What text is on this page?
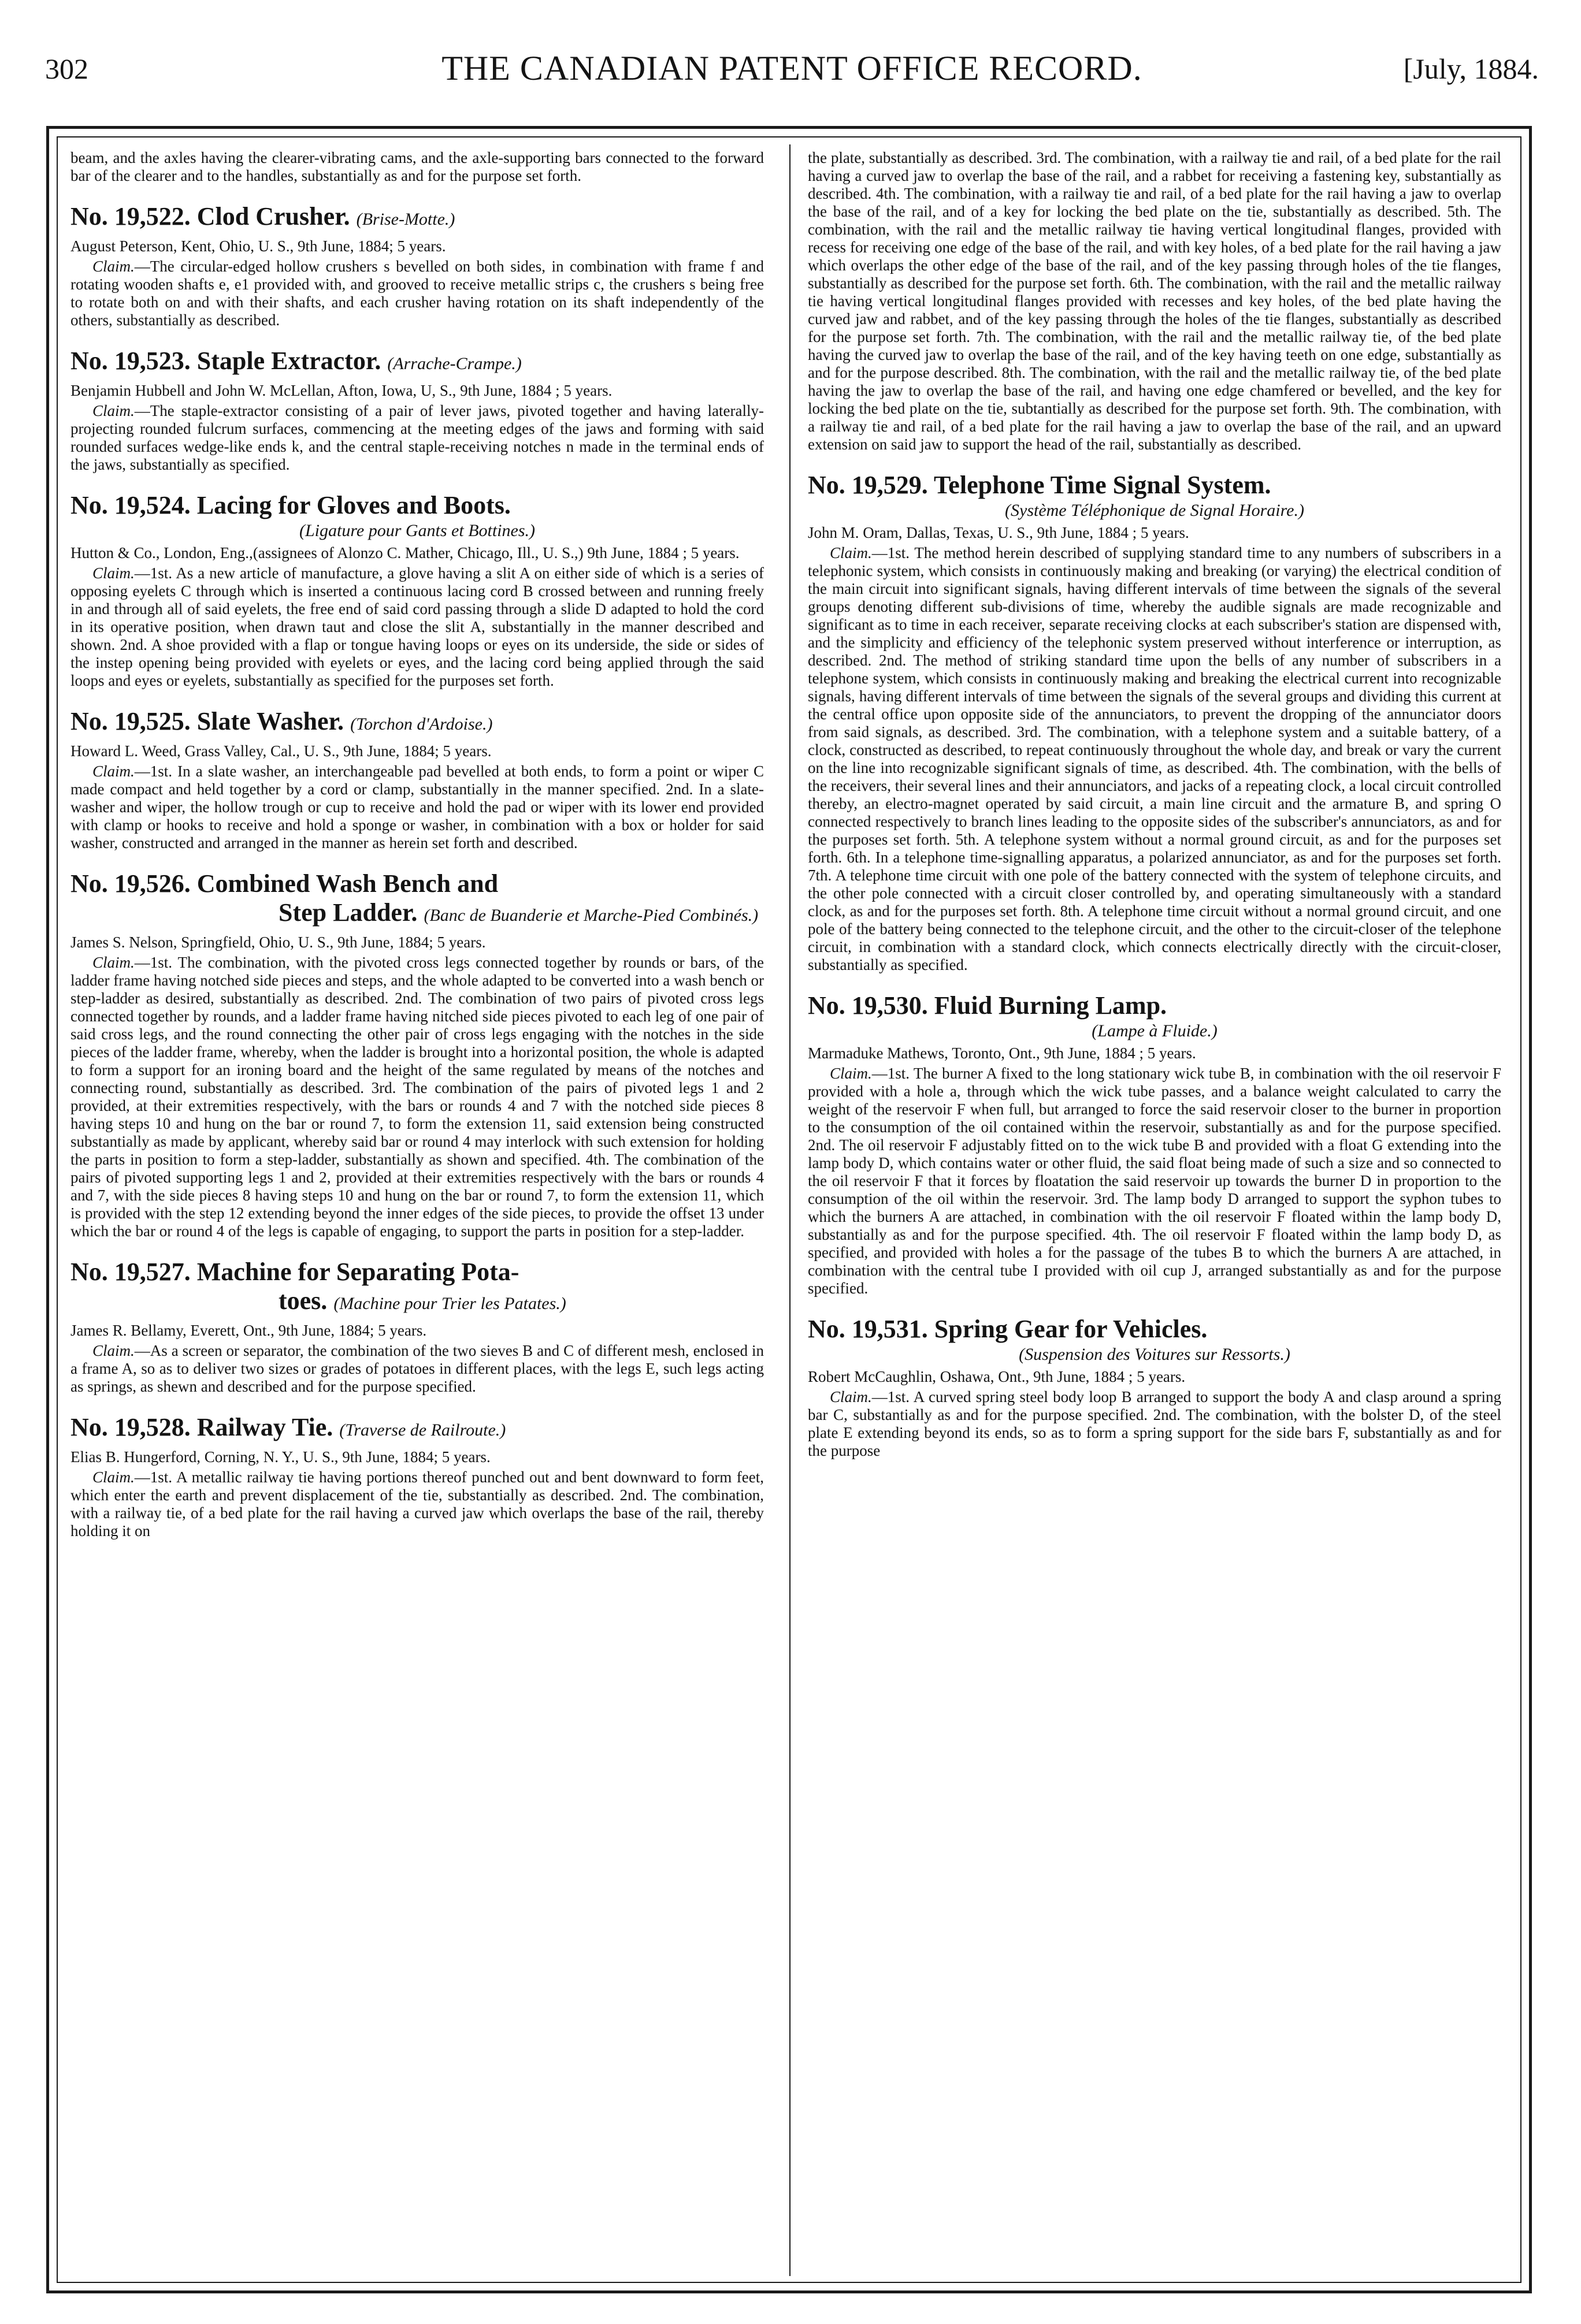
302	THE CANADIAN PATENT OFFICE RECORD.	[July, 1884.

beam, and the axles having the clearer-vibrating cams, and the axle-supporting bars connected to the forward bar of the clearer and to the handles, substantially as and for the purpose set forth.

No. 19,522. Clod Crusher. (Brise-Motte.)

August Peterson, Kent, Ohio, U. S., 9th June, 1884; 5 years.

Claim.—The circular-edged hollow crushers s bevelled on both sides, in combination with frame f and rotating wooden shafts e, e1 provided with, and grooved to receive metallic strips c, the crushers s being free to rotate both on and with their shafts, and each crusher having rotation on its shaft independently of the others, substantially as described.

No. 19,523. Staple Extractor. (Arrache-Crampe.)

Benjamin Hubbell and John W. McLellan, Afton, Iowa, U, S., 9th June, 1884 ; 5 years.

Claim.—The staple-extractor consisting of a pair of lever jaws, pivoted together and having laterally-projecting rounded fulcrum surfaces, commencing at the meeting edges of the jaws and forming with said rounded surfaces wedge-like ends k, and the central staple-receiving notches n made in the terminal ends of the jaws, substantially as specified.

No. 19,524. Lacing for Gloves and Boots.

(Ligature pour Gants et Bottines.)

Hutton & Co., London, Eng.,(assignees of Alonzo C. Mather, Chicago, Ill., U. S.,) 9th June, 1884 ; 5 years.

Claim.—1st. As a new article of manufacture, a glove having a slit A on either side of which is a series of opposing eyelets C through which is inserted a continuous lacing cord B crossed between and running freely in and through all of said eyelets, the free end of said cord passing through a slide D adapted to hold the cord in its operative position, when drawn taut and close the slit A, substantially in the manner described and shown. 2nd. A shoe provided with a flap or tongue having loops or eyes on its underside, the side or sides of the instep opening being provided with eyelets or eyes, and the lacing cord being applied through the said loops and eyes or eyelets, substantially as specified for the purposes set forth.

No. 19,525. Slate Washer. (Torchon d'Ardoise.)

Howard L. Weed, Grass Valley, Cal., U. S., 9th June, 1884; 5 years.

Claim.—1st. In a slate washer, an interchangeable pad bevelled at both ends, to form a point or wiper C made compact and held together by a cord or clamp, substantially in the manner specified. 2nd. In a slate-washer and wiper, the hollow trough or cup to receive and hold the pad or wiper with its lower end provided with clamp or hooks to receive and hold a sponge or washer, in combination with a box or holder for said washer, constructed and arranged in the manner as herein set forth and described.

No. 19,526. Combined Wash Bench and
Step Ladder. (Banc de Buanderie et Marche-Pied Combinés.)

James S. Nelson, Springfield, Ohio, U. S., 9th June, 1884; 5 years.

Claim.—1st. The combination, with the pivoted cross legs connected together by rounds or bars, of the ladder frame having notched side pieces and steps, and the whole adapted to be converted into a wash bench or step-ladder as desired, substantially as described. 2nd. The combination of two pairs of pivoted cross legs connected together by rounds, and a ladder frame having nitched side pieces pivoted to each leg of one pair of said cross legs, and the round connecting the other pair of cross legs engaging with the notches in the side pieces of the ladder frame, whereby, when the ladder is brought into a horizontal position, the whole is adapted to form a support for an ironing board and the height of the same regulated by means of the notches and connecting round, substantially as described. 3rd. The combination of the pairs of pivoted legs 1 and 2 provided, at their extremities respectively, with the bars or rounds 4 and 7 with the notched side pieces 8 having steps 10 and hung on the bar or round 7, to form the extension 11, said extension being constructed substantially as made by applicant, whereby said bar or round 4 may interlock with such extension for holding the parts in position to form a step-ladder, substantially as shown and specified. 4th. The combination of the pairs of pivoted supporting legs 1 and 2, provided at their extremities respectively with the bars or rounds 4 and 7, with the side pieces 8 having steps 10 and hung on the bar or round 7, to form the extension 11, which is provided with the step 12 extending beyond the inner edges of the side pieces, to provide the offset 13 under which the bar or round 4 of the legs is capable of engaging, to support the parts in position for a step-ladder.

No. 19,527. Machine for Separating Pota-
toes. (Machine pour Trier les Patates.)

James R. Bellamy, Everett, Ont., 9th June, 1884; 5 years.

Claim.—As a screen or separator, the combination of the two sieves B and C of different mesh, enclosed in a frame A, so as to deliver two sizes or grades of potatoes in different places, with the legs E, such legs acting as springs, as shewn and described and for the purpose specified.

No. 19,528. Railway Tie. (Traverse de Railroute.)

Elias B. Hungerford, Corning, N. Y., U. S., 9th June, 1884; 5 years.

Claim.—1st. A metallic railway tie having portions thereof punched out and bent downward to form feet, which enter the earth and prevent displacement of the tie, substantially as described. 2nd. The combination, with a railway tie, of a bed plate for the rail having a curved jaw which overlaps the base of the rail, thereby holding it on

the plate, substantially as described. 3rd. The combination, with a railway tie and rail, of a bed plate for the rail having a curved jaw to overlap the base of the rail, and a rabbet for receiving a fastening key, substantially as described. 4th. The combination, with a railway tie and rail, of a bed plate for the rail having a jaw to overlap the base of the rail, and of a key for locking the bed plate on the tie, substantially as described. 5th. The combination, with the rail and the metallic railway tie having vertical longitudinal flanges, provided with recess for receiving one edge of the base of the rail, and with key holes, of a bed plate for the rail having a jaw which overlaps the other edge of the base of the rail, and of the key passing through holes of the tie flanges, substantially as described for the purpose set forth. 6th. The combination, with the rail and the metallic railway tie having vertical longitudinal flanges provided with recesses and key holes, of the bed plate having the curved jaw and rabbet, and of the key passing through the holes of the tie flanges, substantially as described for the purpose set forth. 7th. The combination, with the rail and the metallic railway tie, of the bed plate having the curved jaw to overlap the base of the rail, and of the key having teeth on one edge, substantially as and for the purpose described. 8th. The combination, with the rail and the metallic railway tie, of the bed plate having the jaw to overlap the base of the rail, and having one edge chamfered or bevelled, and the key for locking the bed plate on the tie, subtantially as described for the purpose set forth. 9th. The combination, with a railway tie and rail, of a bed plate for the rail having a jaw to overlap the base of the rail, and an upward extension on said jaw to support the head of the rail, substantially as described.

No. 19,529. Telephone Time Signal System.

(Système Téléphonique de Signal Horaire.)

John M. Oram, Dallas, Texas, U. S., 9th June, 1884 ; 5 years.

Claim.—1st. The method herein described of supplying standard time to any numbers of subscribers in a telephonic system, which consists in continuously making and breaking (or varying) the electrical condition of the main circuit into significant signals, having different intervals of time between the signals of the several groups denoting different sub-divisions of time, whereby the audible signals are made recognizable and significant as to time in each receiver, separate receiving clocks at each subscriber's station are dispensed with, and the simplicity and efficiency of the telephonic system preserved without interference or interruption, as described. 2nd. The method of striking standard time upon the bells of any number of subscribers in a telephone system, which consists in continuously making and breaking the electrical current into recognizable signals, having different intervals of time between the signals of the several groups and dividing this current at the central office upon opposite side of the annunciators, to prevent the dropping of the annunciator doors from said signals, as described. 3rd. The combination, with a telephone system and a suitable battery, of a clock, constructed as described, to repeat continuously throughout the whole day, and break or vary the current on the line into recognizable significant signals of time, as described. 4th. The combination, with the bells of the receivers, their several lines and their annunciators, and jacks of a repeating clock, a local circuit controlled thereby, an electro-magnet operated by said circuit, a main line circuit and the armature B, and spring O connected respectively to branch lines leading to the opposite sides of the subscriber's annunciators, as and for the purposes set forth. 5th. A telephone system without a normal ground circuit, as and for the purposes set forth. 6th. In a telephone time-signalling apparatus, a polarized annunciator, as and for the purposes set forth. 7th. A telephone time circuit with one pole of the battery connected with the system of telephone circuits, and the other pole connected with a circuit closer controlled by, and operating simultaneously with a standard clock, as and for the purposes set forth. 8th. A telephone time circuit without a normal ground circuit, and one pole of the battery being connected to the telephone circuit, and the other to the circuit-closer of the telephone circuit, in combination with a standard clock, which connects electrically directly with the circuit-closer, substantially as specified.

No. 19,530. Fluid Burning Lamp.

(Lampe à Fluide.)

Marmaduke Mathews, Toronto, Ont., 9th June, 1884 ; 5 years.

Claim.—1st. The burner A fixed to the long stationary wick tube B, in combination with the oil reservoir F provided with a hole a, through which the wick tube passes, and a balance weight calculated to carry the weight of the reservoir F when full, but arranged to force the said reservoir closer to the burner in proportion to the consumption of the oil contained within the reservoir, substantially as and for the purpose specified. 2nd. The oil reservoir F adjustably fitted on to the wick tube B and provided with a float G extending into the lamp body D, which contains water or other fluid, the said float being made of such a size and so connected to the oil reservoir F that it forces by floatation the said reservoir up towards the burner D in proportion to the consumption of the oil within the reservoir. 3rd. The lamp body D arranged to support the syphon tubes to which the burners A are attached, in combination with the oil reservoir F floated within the lamp body D, substantially as and for the purpose specified. 4th. The oil reservoir F floated within the lamp body D, as specified, and provided with holes a for the passage of the tubes B to which the burners A are attached, in combination with the central tube I provided with oil cup J, arranged substantially as and for the purpose specified.

No. 19,531. Spring Gear for Vehicles.

(Suspension des Voitures sur Ressorts.)

Robert McCaughlin, Oshawa, Ont., 9th June, 1884 ; 5 years.

Claim.—1st. A curved spring steel body loop B arranged to support the body A and clasp around a spring bar C, substantially as and for the purpose specified. 2nd. The combination, with the bolster D, of the steel plate E extending beyond its ends, so as to form a spring support for the side bars F, substantially as and for the purpose
